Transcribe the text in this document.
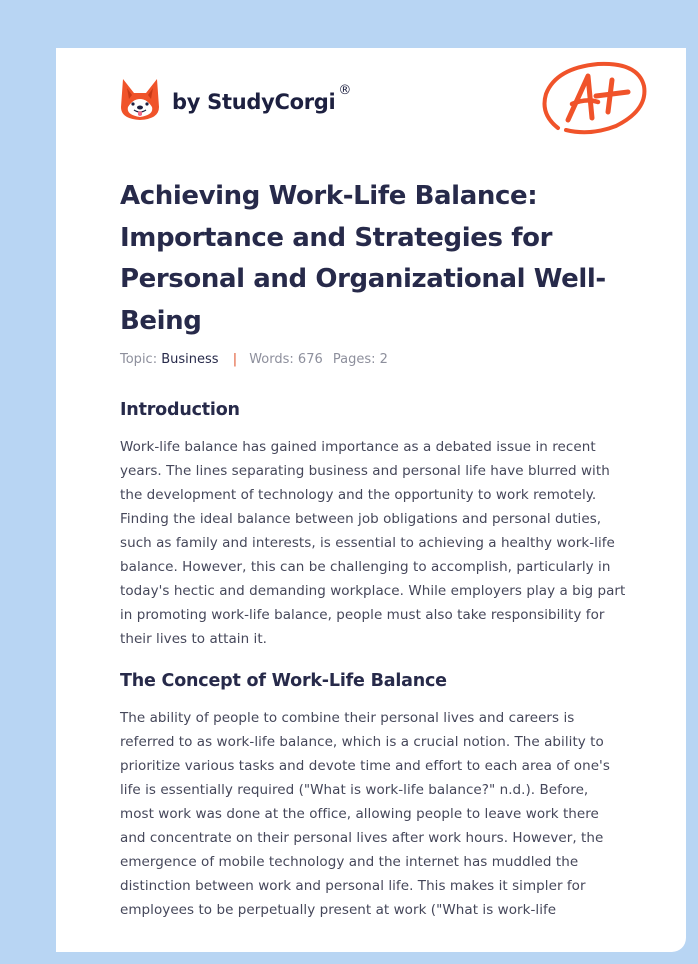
by StudyCorgi ®
Achieving Work-Life Balance:
Importance and Strategies for
Personal and Organizational Well-
Being
Topic: Business | Words: 676 Pages: 2
Introduction

Work-life balance has gained importance as a debated issue in recent
years. The lines separating business and personal life have blurred with
the development of technology and the opportunity to work remotely.
Finding the ideal balance between job obligations and personal duties,
such as family and interests, is essential to achieving a healthy work-life
balance. However, this can be challenging to accomplish, particularly in
today's hectic and demanding workplace. While employers play a big part
in promoting work-life balance, people must also take responsibility for
their lives to attain it.

The Concept of Work-Life Balance

The ability of people to combine their personal lives and careers is
referred to as work-life balance, which is a crucial notion. The ability to
prioritize various tasks and devote time and effort to each area of one's
life is essentially required ("What is work-life balance?" n.d.). Before,
most work was done at the office, allowing people to leave work there
and concentrate on their personal lives after work hours. However, the
emergence of mobile technology and the internet has muddled the
distinction between work and personal life. This makes it simpler for
employees to be perpetually present at work ("What is work-life
